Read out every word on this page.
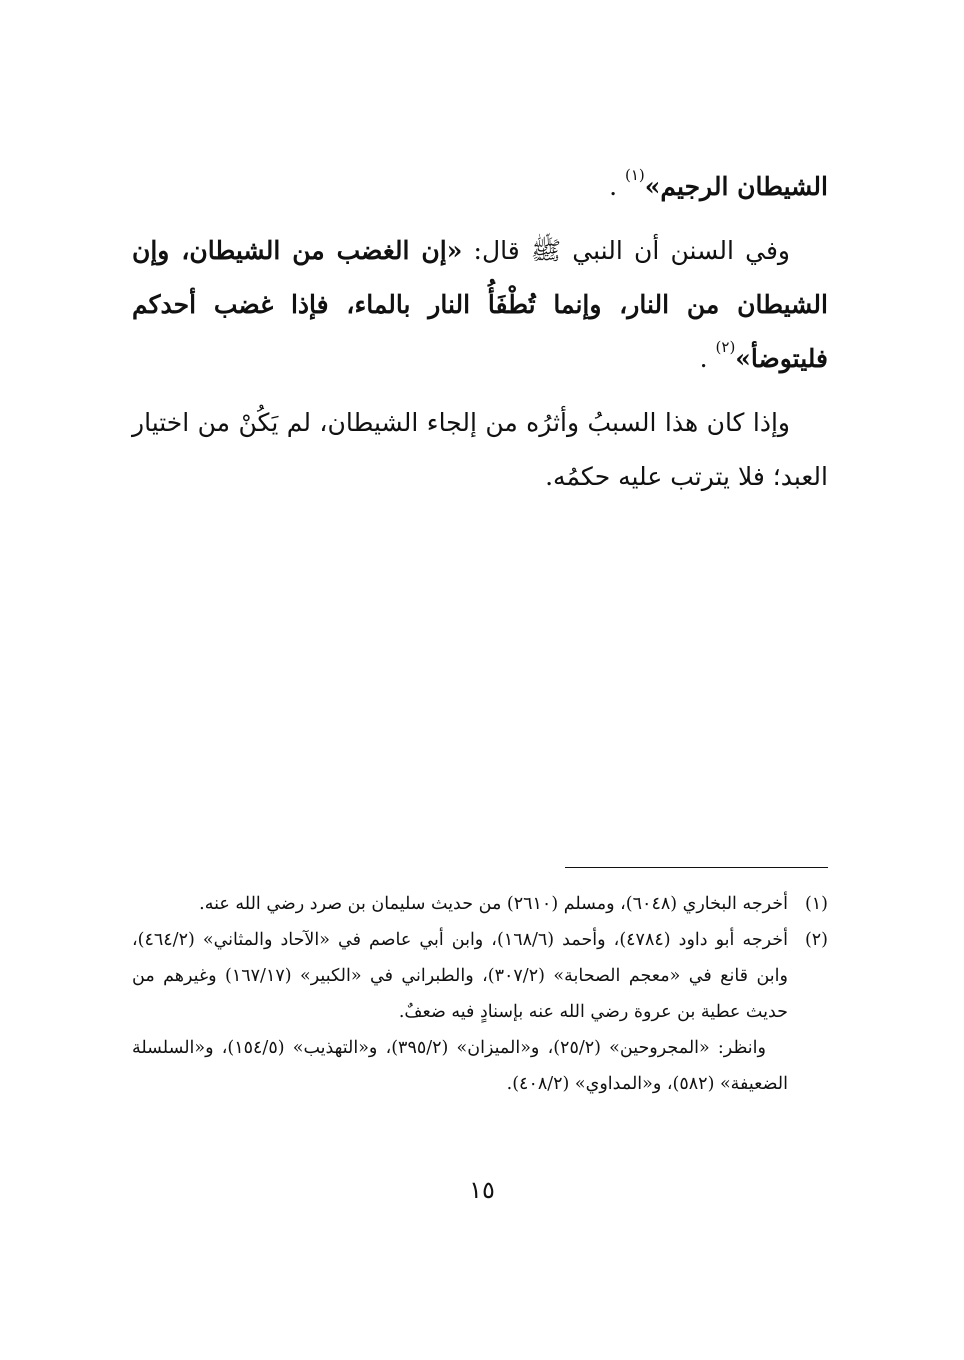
الشيطان الرجيم»$^{(١)}$ .

وفي السنن أن النبي ﷺ قال: «إن الغضب من الشيطان، وإن الشيطان من النار، وإنما تُطْفَأُ النار بالماء، فإذا غضب أحدكم فليتوضأ»$^{(٢)}$ .

وإذا كان هذا السببُ وأثرُه من إلجاء الشيطان، لم يَكُنْ من اختيار العبد؛ فلا يترتب عليه حكمُه.

(١)
أخرجه البخاري (٦٠٤٨)، ومسلم (٢٦١٠) من حديث سليمان بن صرد رضي الله عنه.
(٢)
أخرجه أبو داود (٤٧٨٤)، وأحمد (١٦٨/٦)، وابن أبي عاصم في «الآحاد والمثاني» (٤٦٤/٢)، وابن قانع في «معجم الصحابة» (٣٠٧/٢)، والطبراني في «الكبير» (١٦٧/١٧) وغيرهم من حديث عطية بن عروة رضي الله عنه بإسنادٍ فيه ضعفٌ.

وانظر: «المجروحين» (٢٥/٢)، و«الميزان» (٣٩٥/٢)، و«التهذيب» (١٥٤/٥)، و«السلسلة الضعيفة» (٥٨٢)، و«المداوي» (٤٠٨/٢).

١٥
